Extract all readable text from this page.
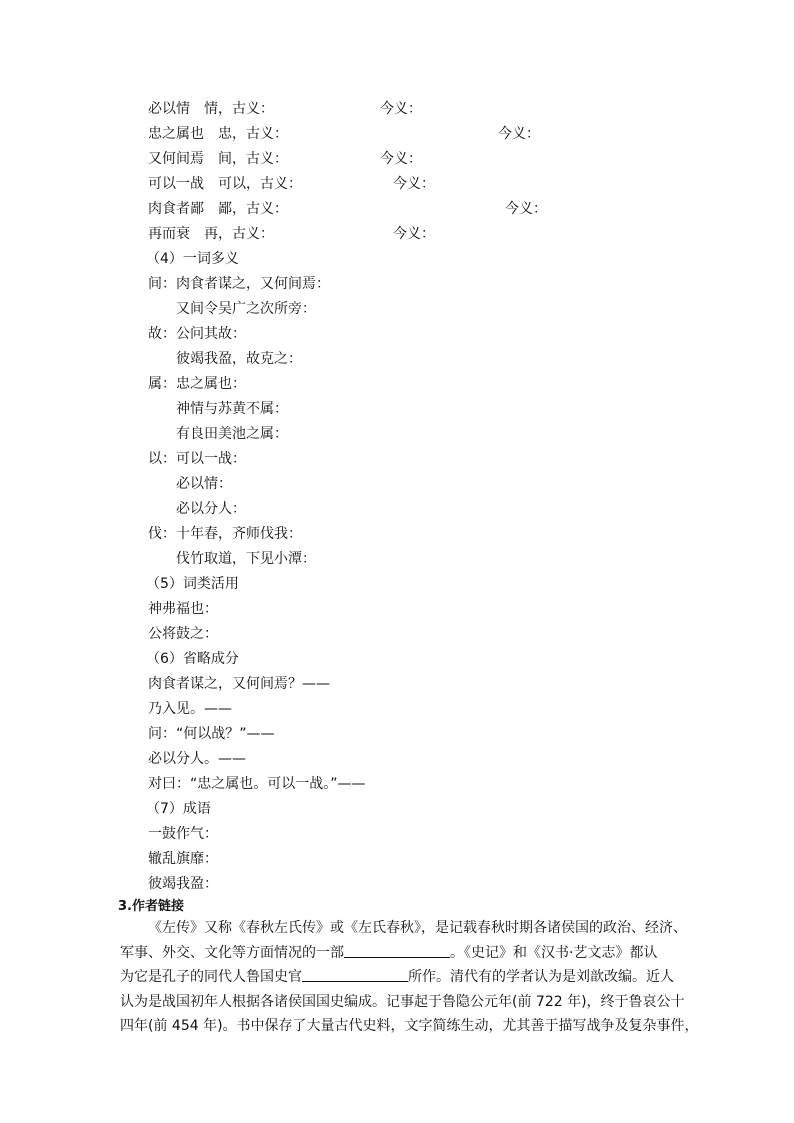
必以情　情，古义：	今义：
忠之属也　忠，古义：	今义：
又何间焉　间，古义：	今义：
可以一战　可以，古义：	今义：
肉食者鄙　鄙，古义：	今义：
再而衰　再，古义：	今义：
（4）一词多义
间： 肉食者谋之，又何间焉：
又间令吴广之次所旁：
故： 公问其故：
彼竭我盈，故克之：
属： 忠之属也：
神情与苏黄不属：
有良田美池之属：
以： 可以一战：
必以情：
必以分人：
伐： 十年春，齐师伐我：
伐竹取道，下见小潭：
（5）词类活用
神弗福也：
公将鼓之：
（6）省略成分
肉食者谋之，又何间焉？——
乃入见。——
问：“何以战？”——
必以分人。——
对曰：“忠之属也。可以一战。”——
（7）成语
一鼓作气：
辙乱旗靡：
彼竭我盈：
3.作者链接
《左传》又称《春秋左氏传》或《左氏春秋》，是记载春秋时期各诸侯国的政治、经济、
军事、外交、文化等方面情况的一部	。《史记》和《汉书·艺文志》都认
为它是孔子的同代人鲁国史官	所作。清代有的学者认为是刘歆改编。近人
认为是战国初年人根据各诸侯国国史编成。记事起于鲁隐公元年(前 722 年)，终于鲁哀公十
四年(前 454 年)。书中保存了大量古代史料，文字简练生动，尤其善于描写战争及复杂事件，
